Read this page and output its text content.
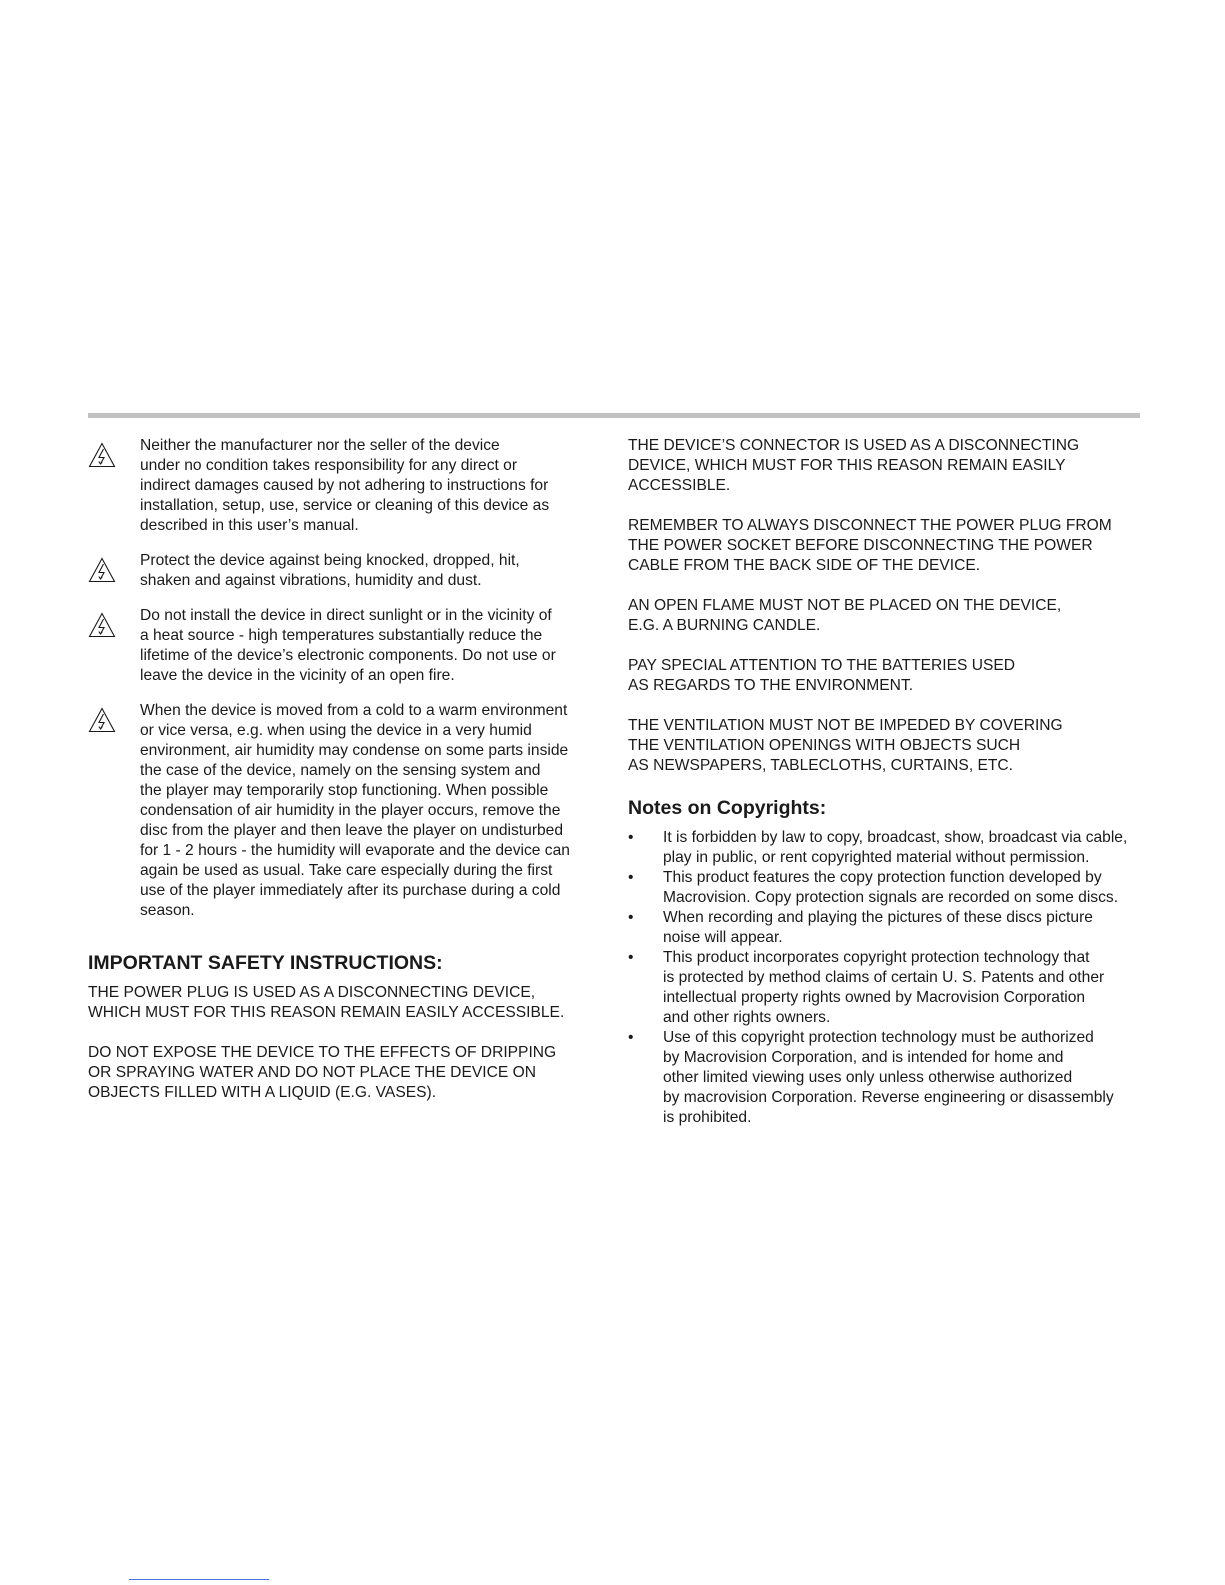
Neither the manufacturer nor the seller of the device
under no condition takes responsibility for any direct or
indirect damages caused by not adhering to instructions for
installation, setup, use, service or cleaning of this device as
described in this user’s manual.

Protect the device against being knocked, dropped, hit,
shaken and against vibrations, humidity and dust.

Do not install the device in direct sunlight or in the vicinity of
a heat source - high temperatures substantially reduce the
lifetime of the device’s electronic components. Do not use or
leave the device in the vicinity of an open fire.

When the device is moved from a cold to a warm environment
or vice versa, e.g. when using the device in a very humid
environment, air humidity may condense on some parts inside
the case of the device, namely on the sensing system and
the player may temporarily stop functioning. When possible
condensation of air humidity in the player occurs, remove the
disc from the player and then leave the player on undisturbed
for 1 - 2 hours - the humidity will evaporate and the device can
again be used as usual. Take care especially during the first
use of the player immediately after its purchase during a cold
season.

IMPORTANT SAFETY INSTRUCTIONS:

THE POWER PLUG IS USED AS A DISCONNECTING DEVICE,
WHICH MUST FOR THIS REASON REMAIN EASILY ACCESSIBLE.

DO NOT EXPOSE THE DEVICE TO THE EFFECTS OF DRIPPING
OR SPRAYING WATER AND DO NOT PLACE THE DEVICE ON
OBJECTS FILLED WITH A LIQUID (E.G. VASES).

THE DEVICE’S CONNECTOR IS USED AS A DISCONNECTING
DEVICE, WHICH MUST FOR THIS REASON REMAIN EASILY
ACCESSIBLE.

REMEMBER TO ALWAYS DISCONNECT THE POWER PLUG FROM
THE POWER SOCKET BEFORE DISCONNECTING THE POWER
CABLE FROM THE BACK SIDE OF THE DEVICE.

AN OPEN FLAME MUST NOT BE PLACED ON THE DEVICE,
E.G. A BURNING CANDLE.

PAY SPECIAL ATTENTION TO THE BATTERIES USED
AS REGARDS TO THE ENVIRONMENT.

THE VENTILATION MUST NOT BE IMPEDED BY COVERING
THE VENTILATION OPENINGS WITH OBJECTS SUCH
AS NEWSPAPERS, TABLECLOTHS, CURTAINS, ETC.

Notes on Copyrights:
•	It is forbidden by law to copy, broadcast, show, broadcast via cable,
play in public, or rent copyrighted material without permission.
•	This product features the copy protection function developed by
Macrovision. Copy protection signals are recorded on some discs.
•	When recording and playing the pictures of these discs picture
noise will appear.
•	This product incorporates copyright protection technology that
is protected by method claims of certain U. S. Patents and other
intellectual property rights owned by Macrovision Corporation
and other rights owners.
•	Use of this copyright protection technology must be authorized
by Macrovision Corporation, and is intended for home and
other limited viewing uses only unless otherwise authorized
by macrovision Corporation. Reverse engineering or disassembly
is prohibited.
